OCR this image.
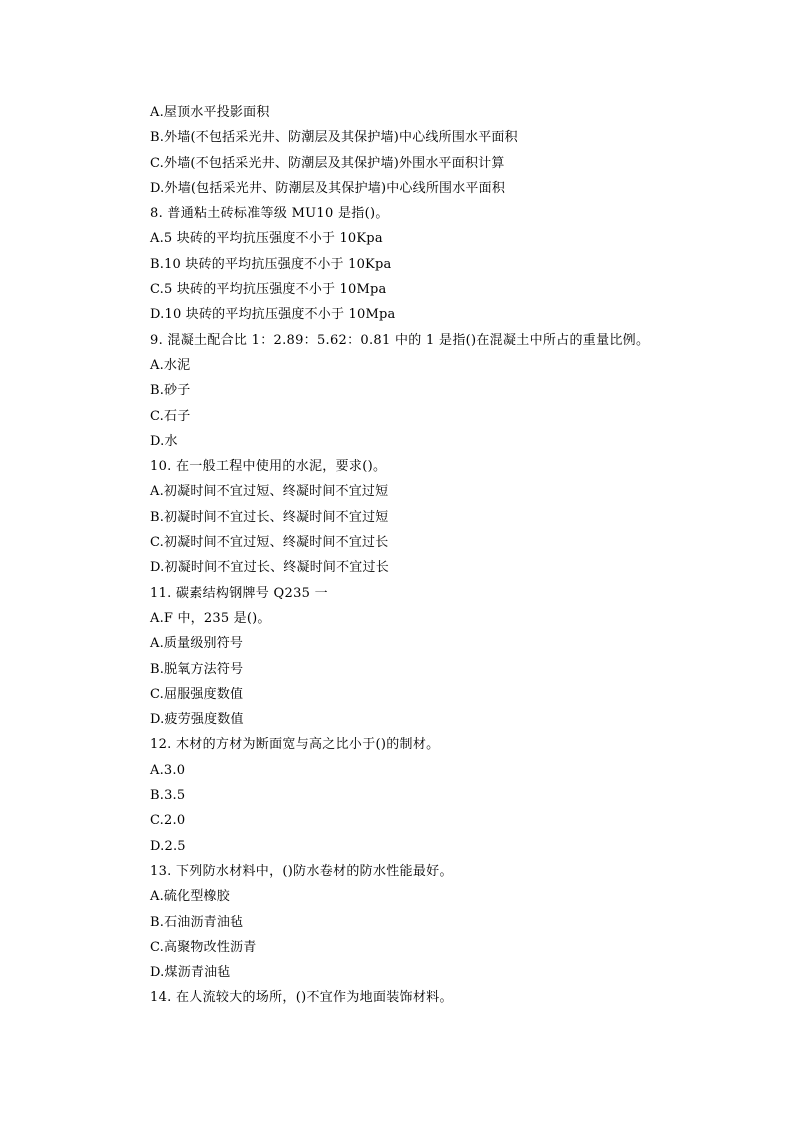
A.屋顶水平投影面积
B.外墙(不包括采光井、防潮层及其保护墙)中心线所围水平面积
C.外墙(不包括采光井、防潮层及其保护墙)外围水平面积计算
D.外墙(包括采光井、防潮层及其保护墙)中心线所围水平面积
8. 普通粘土砖标准等级 MU10 是指()。
A.5 块砖的平均抗压强度不小于 10Kpa
B.10 块砖的平均抗压强度不小于 10Kpa
C.5 块砖的平均抗压强度不小于 10Mpa
D.10 块砖的平均抗压强度不小于 10Mpa
9. 混凝土配合比 1：2.89：5.62：0.81 中的 1 是指()在混凝土中所占的重量比例。
A.水泥
B.砂子
C.石子
D.水
10. 在一般工程中使用的水泥，要求()。
A.初凝时间不宜过短、终凝时间不宜过短
B.初凝时间不宜过长、终凝时间不宜过短
C.初凝时间不宜过短、终凝时间不宜过长
D.初凝时间不宜过长、终凝时间不宜过长
11. 碳素结构钢牌号 Q235 一
A.F 中，235 是()。
A.质量级别符号
B.脱氧方法符号
C.屈服强度数值
D.疲劳强度数值
12. 木材的方材为断面宽与高之比小于()的制材。
A.3.0
B.3.5
C.2.0
D.2.5
13. 下列防水材料中，()防水卷材的防水性能最好。
A.硫化型橡胶
B.石油沥青油毡
C.高聚物改性沥青
D.煤沥青油毡
14. 在人流较大的场所，()不宜作为地面装饰材料。
